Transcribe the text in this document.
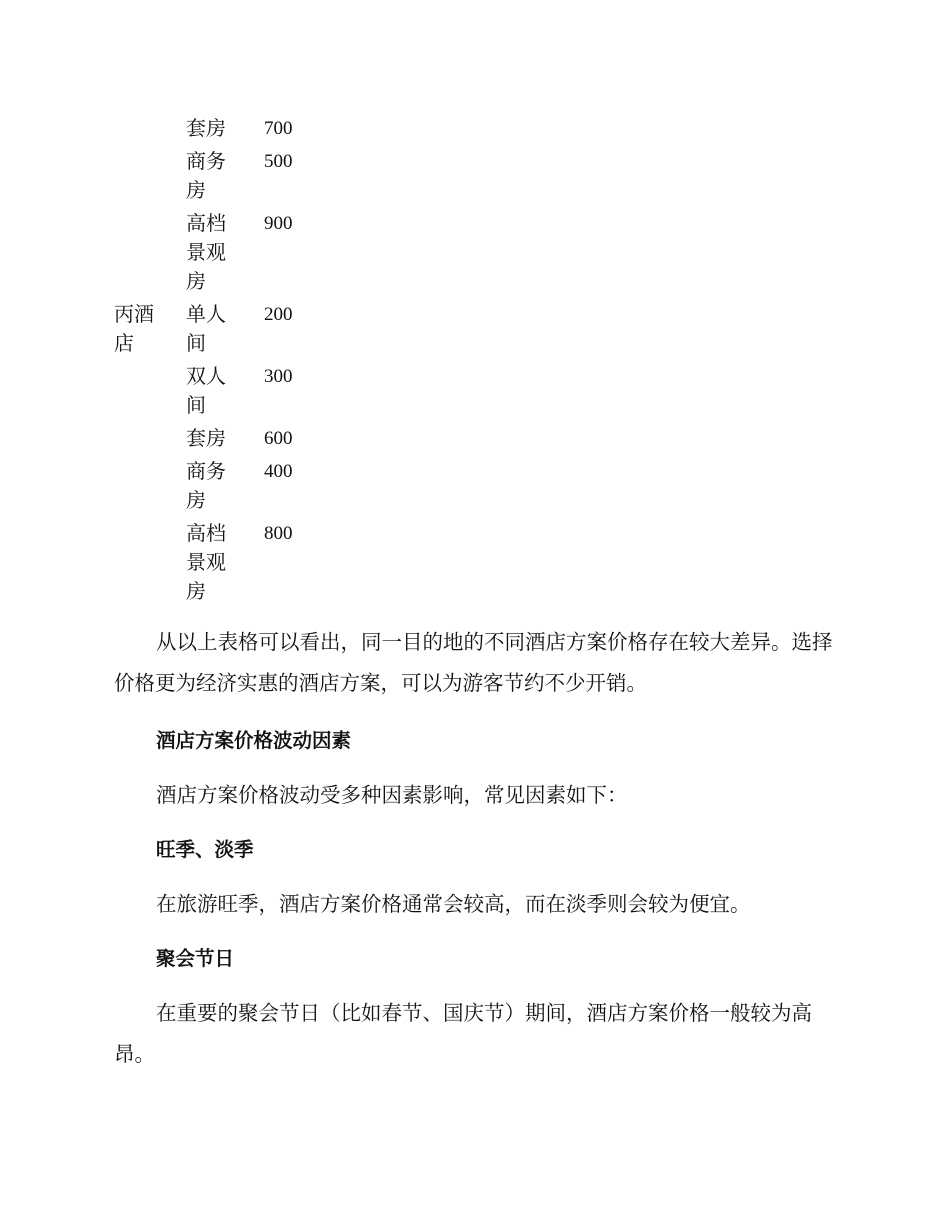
	套房	700

	商务房	500

	高档景观房	900

丙酒店	单人间	200

	双人间	300

	套房	600

	商务房	400

	高档景观房	800

从以上表格可以看出，同一目的地的不同酒店方案价格存在较大差异。选择价格更为经济实惠的酒店方案，可以为游客节约不少开销。

酒店方案价格波动因素

酒店方案价格波动受多种因素影响，常见因素如下：

旺季、淡季

在旅游旺季，酒店方案价格通常会较高，而在淡季则会较为便宜。

聚会节日

在重要的聚会节日（比如春节、国庆节）期间，酒店方案价格一般较为高昂。
